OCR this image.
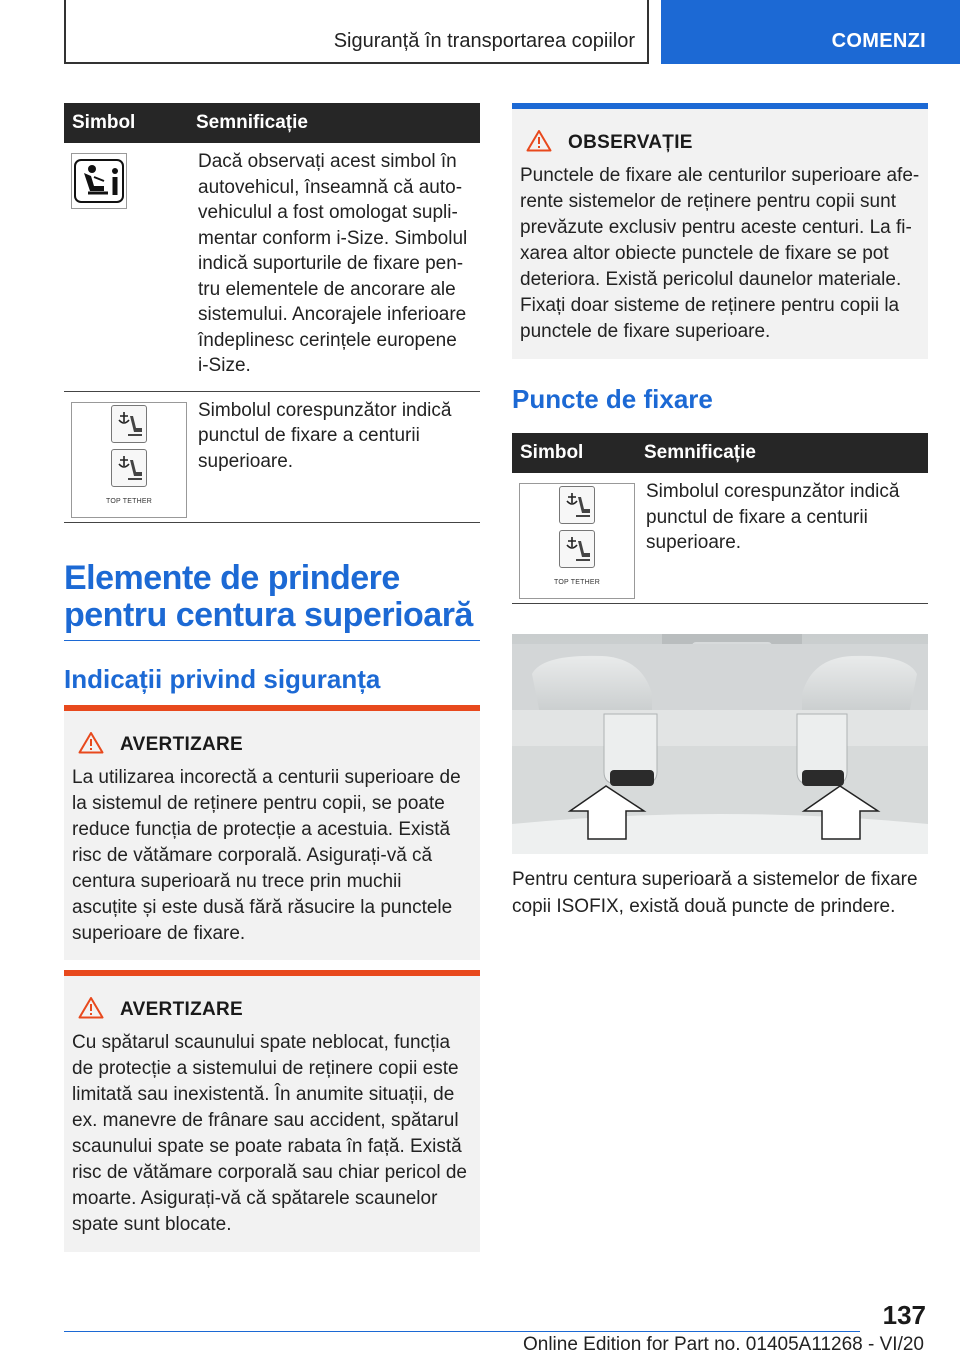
Siguranță în transportarea copiilor	COMENZI
Simbol	Semnificație

	Dacă observați acest simbol în autovehicul, înseamnă că autovehiculul a fost omologat suplimentar conform i-Size. Simbolul indică suporturile de fixare pentru elementele de ancorare ale sistemului. Ancorajele inferioare îndeplinesc cerințele europene i-Size.

TOP TETHER	Simbolul corespunzător indică punctul de fixare a centurii superioare.
Elemente de prindere pentru centura superioară
Indicații privind siguranța
AVERTIZARE
La utilizarea incorectă a centurii superioare de la sistemul de reținere pentru copii, se poate reduce funcția de protecție a acestuia. Există risc de vătămare corporală. Asigurați-vă că centura superioară nu trece prin muchii ascuțite și este dusă fără răsucire la punctele superioare de fixare.
AVERTIZARE
Cu spătarul scaunului spate neblocat, funcția de protecție a sistemului de reținere copii este limitată sau inexistentă. În anumite situații, de ex. manevre de frânare sau accident, spătarul scaunului spate se poate rabata în față. Există risc de vătămare corporală sau chiar pericol de moarte. Asigurați-vă că spătarele scaunelor spate sunt blocate.
OBSERVAȚIE
Punctele de fixare ale centurilor superioare aferente sistemelor de reținere pentru copii sunt prevăzute exclusiv pentru aceste centuri. La fixarea altor obiecte punctele de fixare se pot deteriora. Există pericolul daunelor materiale. Fixați doar sisteme de reținere pentru copii la punctele de fixare superioare.
Puncte de fixare
Simbol	Semnificație

TOP TETHER	Simbolul corespunzător indică punctul de fixare a centurii superioare.
Pentru centura superioară a sistemelor de fixare copii ISOFIX, există două puncte de prindere.
137
Online Edition for Part no. 01405A11268 - VI/20
